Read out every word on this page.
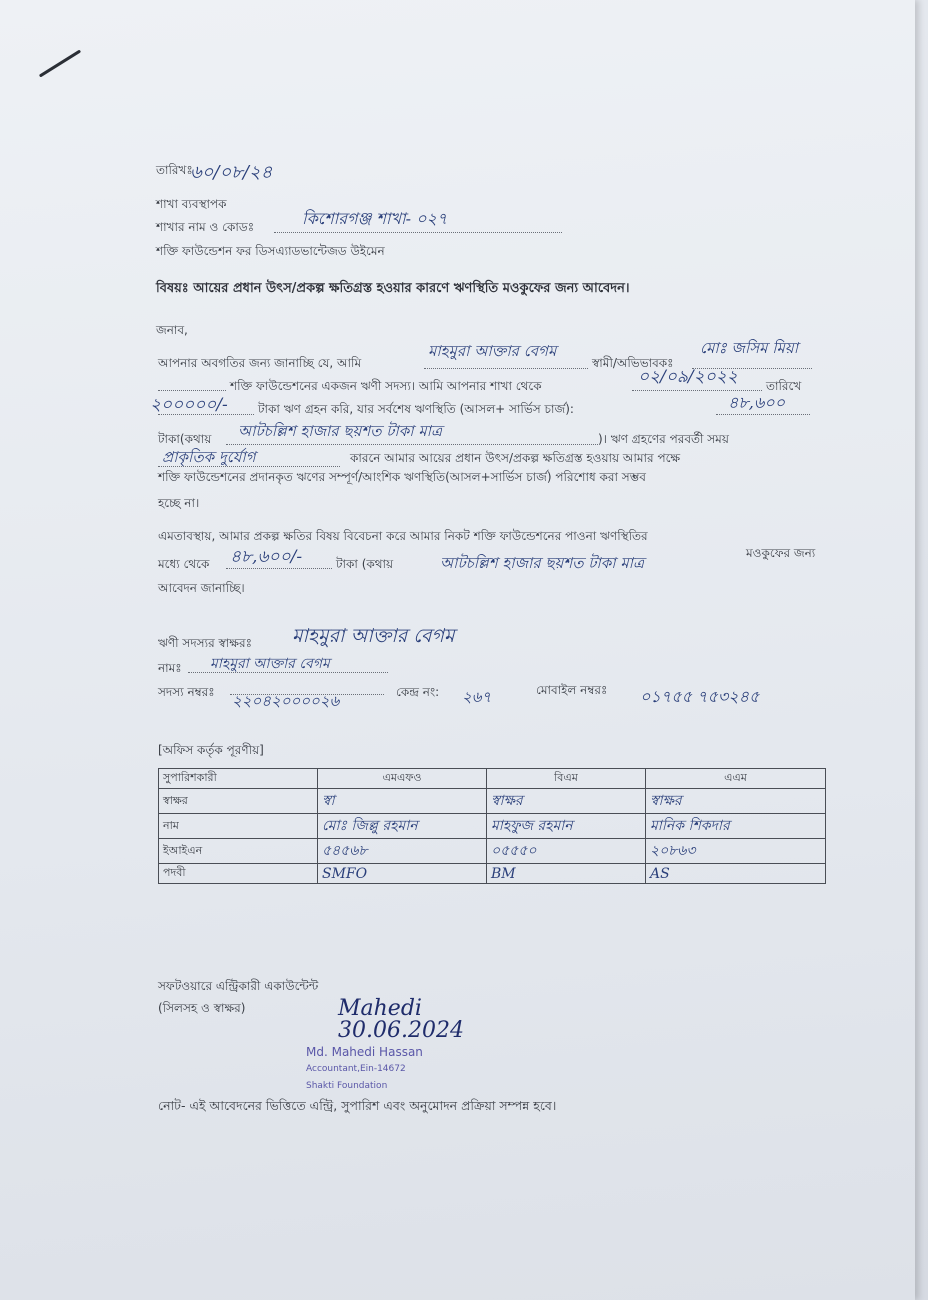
তারিখঃ
৬০/০৮/২৪
শাখা ব্যবস্থাপক
শাখার নাম ও কোডঃ	কিশোরগঞ্জ শাখা- ০২৭
শক্তি ফাউন্ডেশন ফর ডিসএ্যাডভান্টেজড উইমেন
বিষয়ঃ আয়ের প্রধান উৎস/প্রকল্প ক্ষতিগ্রস্ত হওয়ার কারণে ঋণস্থিতি মওকুফের জন্য আবেদন।
জনাব,
আপনার অবগতির জন্য জানাচ্ছি যে, আমি
মাহমুরা আক্তার বেগম
স্বামী/অভিভাবকঃ
মোঃ জসিম মিয়া
শক্তি ফাউন্ডেশনের একজন ঋণী সদস্য। আমি আপনার শাখা থেকে	০২/০৯/২০২২ তারিখে
২০০০০০/-	টাকা ঋণ গ্রহন করি, যার সর্বশেষ ঋণস্থিতি (আসল+ সার্ভিস চার্জ):	৪৮,৬০০
টাকা(কথায় আটচল্লিশ হাজার ছয়শত টাকা মাত্র	)। ঋণ গ্রহণের পরবর্তী সময়
প্রাকৃতিক দুর্যোগ	কারনে আমার আয়ের প্রধান উৎস/প্রকল্প ক্ষতিগ্রস্ত হওয়ায় আমার পক্ষে
শক্তি ফাউন্ডেশনের প্রদানকৃত ঋণের সম্পূর্ণ/আংশিক ঋণস্থিতি(আসল+সার্ভিস চার্জ) পরিশোধ করা সম্ভব
হচ্ছে না।
এমতাবস্থায়, আমার প্রকল্প ক্ষতির বিষয় বিবেচনা করে আমার নিকট শক্তি ফাউন্ডেশনের পাওনা ঋণস্থিতির
মধ্যে থেকে ৪৮,৬০০/-	টাকা (কথায়	আটচল্লিশ হাজার ছয়শত টাকা মাত্র
মওকুফের জন্য
আবেদন জানাচ্ছি।
ঋণী সদস্যর স্বাক্ষরঃ মাহমুরা আক্তার বেগম
নামঃ মাহমুরা আক্তার বেগম
সদস্য নম্বরঃ ২২০৪২০০০০২৬	কেন্দ্র নং: ২৬৭	মোবাইল নম্বরঃ ০১৭৫৫ ৭৫৩২৪৫
[অফিস কর্তৃক পূরণীয়]
সুপারিশকারী	এমএফও	বিএম	এএম
স্বাক্ষর	স্বা	স্বাক্ষর	স্বাক্ষর
নাম	মোঃ জিল্লু রহমান	মাহফুজ রহমান	মানিক শিকদার
ইআইএন	৫৪৫৬৮	০৫৫৫০	২০৮৬৩
পদবী	SMFO	BM	AS
সফটওয়ারে এন্ট্রিকারী একাউন্টেন্ট
(সিলসহ ও স্বাক্ষর)	Mahedi
30.06.2024
Md. Mahedi Hassan
Accountant,Ein-14672
Shakti Foundation
নোট- এই আবেদনের ভিত্তিতে এন্ট্রি, সুপারিশ এবং অনুমোদন প্রক্রিয়া সম্পন্ন হবে।
